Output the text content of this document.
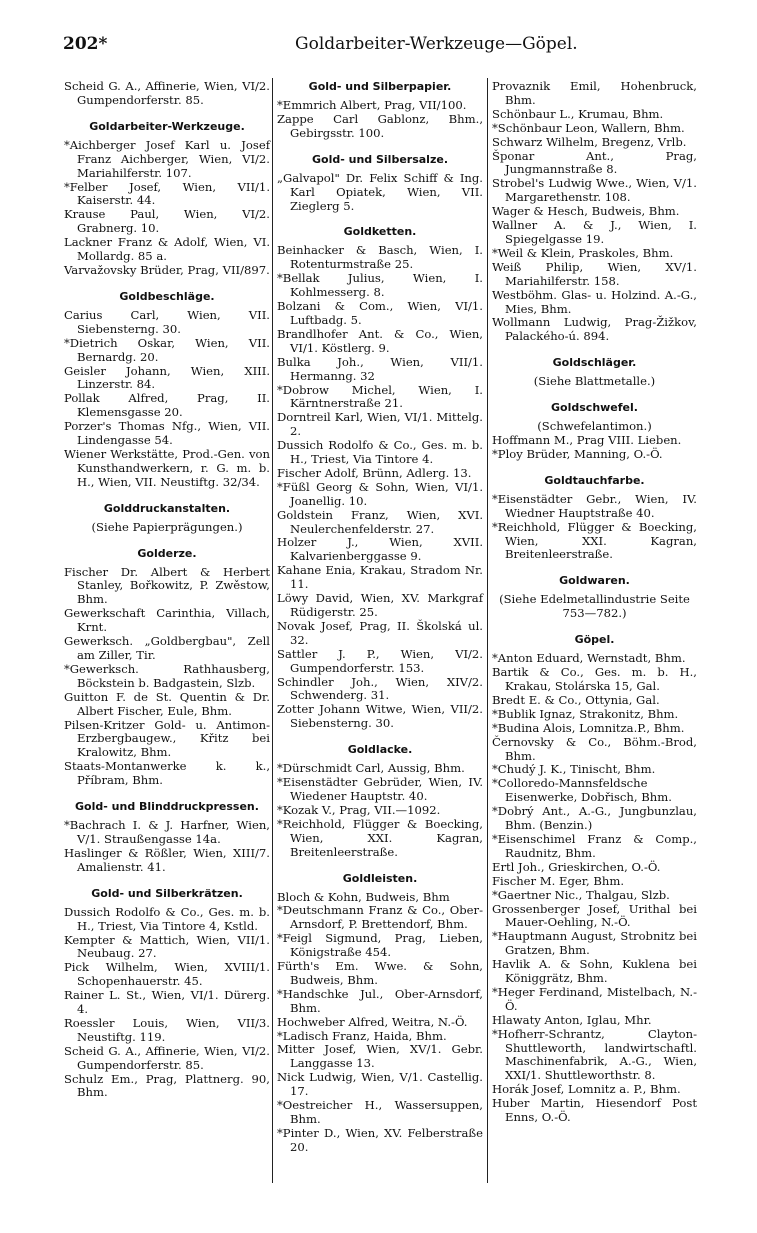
202*	Goldarbeiter-Werkzeuge—Göpel.
Scheid G. A., Affinerie, Wien, VI/2. Gumpendorferstr. 85.
Goldarbeiter-Werkzeuge.
*Aichberger Josef Karl u. Josef Franz Aichberger, Wien, VI/2. Mariahilferstr. 107.
*Felber Josef, Wien, VII/1. Kaiserstr. 44.
Krause Paul, Wien, VI/2. Grabnerg. 10.
Lackner Franz & Adolf, Wien, VI. Mollardg. 85 a.
Varvažovsky Brüder, Prag, VII/897.
Goldbeschläge.
Carius Carl, Wien, VII. Siebensterng. 30.
*Dietrich Oskar, Wien, VII. Bernardg. 20.
Geisler Johann, Wien, XIII. Linzerstr. 84.
Pollak Alfred, Prag, II. Klemensgasse 20.
Porzer's Thomas Nfg., Wien, VII. Lindengasse 54.
Wiener Werkstätte, Prod.-Gen. von Kunsthandwerkern, r. G. m. b. H., Wien, VII. Neustiftg. 32/34.
Golddruckanstalten.
(Siehe Papierprägungen.)
Golderze.
Fischer Dr. Albert & Herbert Stanley, Bořkowitz, P. Zwěstow, Bhm.
Gewerkschaft Carinthia, Villach, Krnt.
Gewerksch. „Goldbergbau", Zell am Ziller, Tir.
*Gewerksch. Rathhausberg, Böckstein b. Badgastein, Slzb.
Guitton F. de St. Quentin & Dr. Albert Fischer, Eule, Bhm.
Pilsen-Kritzer Gold- u. Antimon-Erzbergbaugew., Křitz bei Kralowitz, Bhm.
Staats-Montanwerke k. k., Příbram, Bhm.
Gold- und Blinddruckpressen.
*Bachrach I. & J. Harfner, Wien, V/1. Straußengasse 14a.
Haslinger & Rößler, Wien, XIII/7. Amalienstr. 41.
Gold- und Silberkrätzen.
Dussich Rodolfo & Co., Ges. m. b. H., Triest, Via Tintore 4, Kstld.
Kempter & Mattich, Wien, VII/1. Neubaug. 27.
Pick Wilhelm, Wien, XVIII/1. Schopenhauerstr. 45.
Rainer L. St., Wien, VI/1. Dürerg. 4.
Roessler Louis, Wien, VII/3. Neustiftg. 119.
Scheid G. A., Affinerie, Wien, VI/2. Gumpendorferstr. 85.
Schulz Em., Prag, Plattnerg. 90, Bhm.
Gold- und Silberpapier.
*Emmrich Albert, Prag, VII/100.
Zappe Carl Gablonz, Bhm., Gebirgsstr. 100.
Gold- und Silbersalze.
„Galvapol" Dr. Felix Schiff & Ing. Karl Opiatek, Wien, VII. Zieglerg 5.
Goldketten.
Beinhacker & Basch, Wien, I. Rotenturmstraße 25.
*Bellak Julius, Wien, I. Kohlmesserg. 8.
Bolzani & Com., Wien, VI/1. Luftbadg. 5.
Brandlhofer Ant. & Co., Wien, VI/1. Köstlerg. 9.
Bulka Joh., Wien, VII/1. Hermanng. 32
*Dobrow Michel, Wien, I. Kärntnerstraße 21.
Dorntreil Karl, Wien, VI/1. Mittelg. 2.
Dussich Rodolfo & Co., Ges. m. b. H., Triest, Via Tintore 4.
Fischer Adolf, Brünn, Adlerg. 13.
*Füßl Georg & Sohn, Wien, VI/1. Joanellig. 10.
Goldstein Franz, Wien, XVI. Neulerchenfelderstr. 27.
Holzer J., Wien, XVII. Kalvarienberggasse 9.
Kahane Enia, Krakau, Stradom Nr. 11.
Löwy David, Wien, XV. Markgraf Rüdigerstr. 25.
Novak Josef, Prag, II. Školská ul. 32.
Sattler J. P., Wien, VI/2. Gumpendorferstr. 153.
Schindler Joh., Wien, XIV/2. Schwenderg. 31.
Zotter Johann Witwe, Wien, VII/2. Siebensterng. 30.
Goldlacke.
*Dürschmidt Carl, Aussig, Bhm.
*Eisenstädter Gebrüder, Wien, IV. Wiedener Hauptstr. 40.
*Kozak V., Prag, VII.—1092.
*Reichhold, Flügger & Boecking, Wien, XXI. Kagran, Breitenleerstraße.
Goldleisten.
Bloch & Kohn, Budweis, Bhm
*Deutschmann Franz & Co., Ober-Arnsdorf, P. Brettendorf, Bhm.
*Feigl Sigmund, Prag, Lieben, Königstraße 454.
Fürth's Em. Wwe. & Sohn, Budweis, Bhm.
*Handschke Jul., Ober-Arnsdorf, Bhm.
Hochweber Alfred, Weitra, N.-Ö.
*Ladisch Franz, Haida, Bhm.
Mitter Josef, Wien, XV/1. Gebr. Langgasse 13.
Nick Ludwig, Wien, V/1. Castellig. 17.
*Oestreicher H., Wassersuppen, Bhm.
*Pinter D., Wien, XV. Felberstraße 20.
Provaznik Emil, Hohenbruck, Bhm.
Schönbaur L., Krumau, Bhm.
*Schönbaur Leon, Wallern, Bhm.
Schwarz Wilhelm, Bregenz, Vrlb.
Šponar Ant., Prag, Jungmannstraße 8.
Strobel's Ludwig Wwe., Wien, V/1. Margarethenstr. 108.
Wager & Hesch, Budweis, Bhm.
Wallner A. & J., Wien, I. Spiegelgasse 19.
*Weil & Klein, Praskoles, Bhm.
Weiß Philip, Wien, XV/1. Mariahilferstr. 158.
Westböhm. Glas- u. Holzind. A.-G., Mies, Bhm.
Wollmann Ludwig, Prag-Žižkov, Palackého-ú. 894.
Goldschläger.
(Siehe Blattmetalle.)
Goldschwefel.
(Schwefelantimon.)
Hoffmann M., Prag VIII. Lieben.
*Ploy Brüder, Manning, O.-Ö.
Goldtauchfarbe.
*Eisenstädter Gebr., Wien, IV. Wiedner Hauptstraße 40.
*Reichhold, Flügger & Boecking, Wien, XXI. Kagran, Breitenleerstraße.
Goldwaren.
(Siehe Edelmetallindustrie Seite 753—782.)
Göpel.
*Anton Eduard, Wernstadt, Bhm.
Bartik & Co., Ges. m. b. H., Krakau, Stolárska 15, Gal.
Bredt E. & Co., Ottynia, Gal.
*Bublik Ignaz, Strakonitz, Bhm.
*Budina Alois, Lomnitza.P., Bhm.
Černovsky & Co., Böhm.-Brod, Bhm.
*Chudý J. K., Tinischt, Bhm.
*Colloredo-Mannsfeldsche Eisenwerke, Dobřisch, Bhm.
*Dobrý Ant., A.-G., Jungbunzlau, Bhm. (Benzin.)
*Eisenschimel Franz & Comp., Raudnitz, Bhm.
Ertl Joh., Grieskirchen, O.-Ö.
Fischer M. Eger, Bhm.
*Gaertner Nic., Thalgau, Slzb.
Grossenberger Josef, Urithal bei Mauer-Oehling, N.-Ö.
*Hauptmann August, Strobnitz bei Gratzen, Bhm.
Havlik A. & Sohn, Kuklena bei Königgrätz, Bhm.
*Heger Ferdinand, Mistelbach, N.-Ö.
Hlawaty Anton, Iglau, Mhr.
*Hofherr-Schrantz, Clayton-Shuttleworth, landwirtschaftl. Maschinenfabrik, A.-G., Wien, XXI/1. Shuttleworthstr. 8.
Horák Josef, Lomnitz a. P., Bhm.
Huber Martin, Hiesendorf Post Enns, O.-Ö.
